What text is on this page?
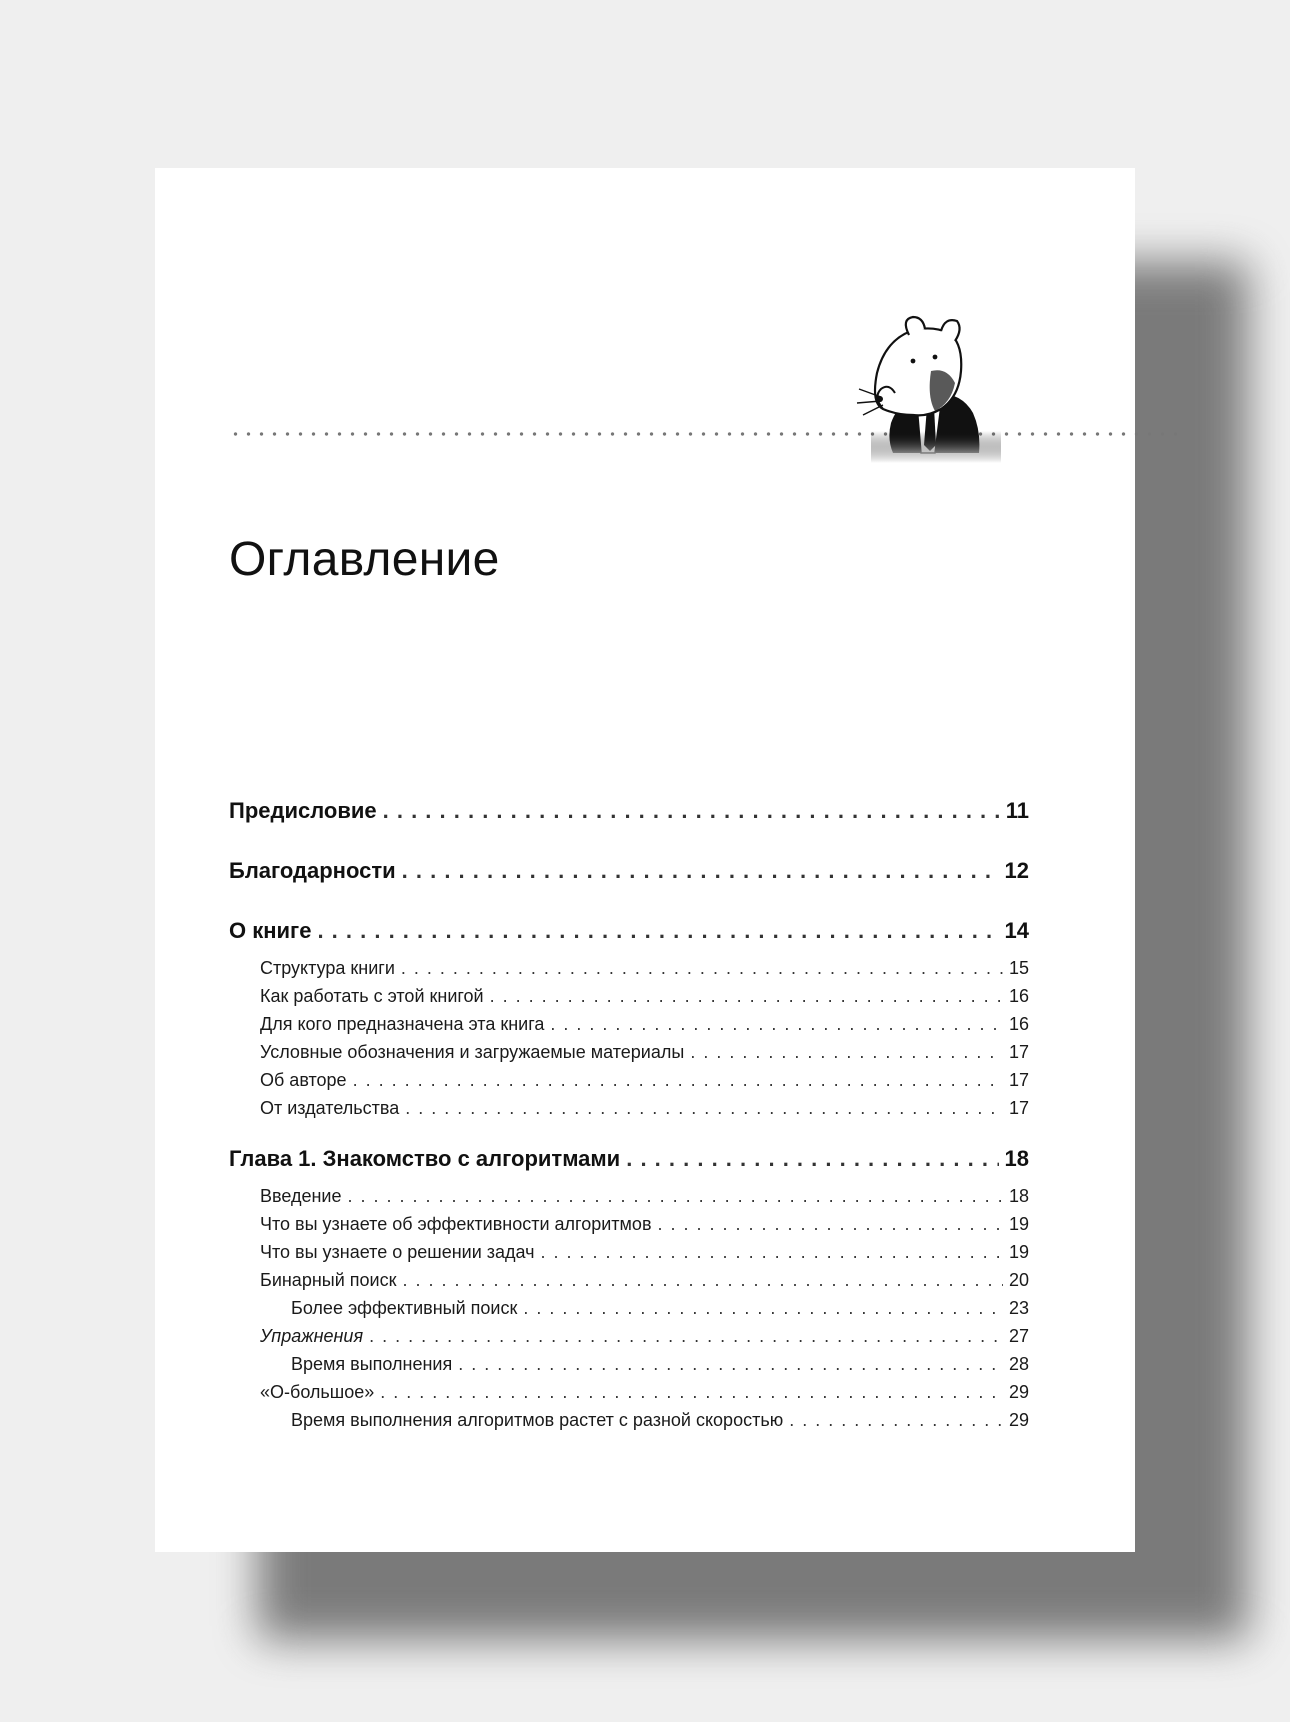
Оглавление
Предисловие . . .	11
Благодарности . . .	12
О книге . . .	14
Структура книги . . .	15
Как работать с этой книгой . . .	16
Для кого предназначена эта книга . . .	16
Условные обозначения и загружаемые материалы . . .	17
Об авторе . . .	17
От издательства . . .	17
Глава 1. Знакомство с алгоритмами . . .	18
Введение . . .	18
Что вы узнаете об эффективности алгоритмов . . .	19
Что вы узнаете о решении задач . . .	19
Бинарный поиск . . .	20
Более эффективный поиск . . .	23
Упражнения . . .	27
Время выполнения . . .	28
«О-большое» . . .	29
Время выполнения алгоритмов растет с разной скоростью . . .	29
